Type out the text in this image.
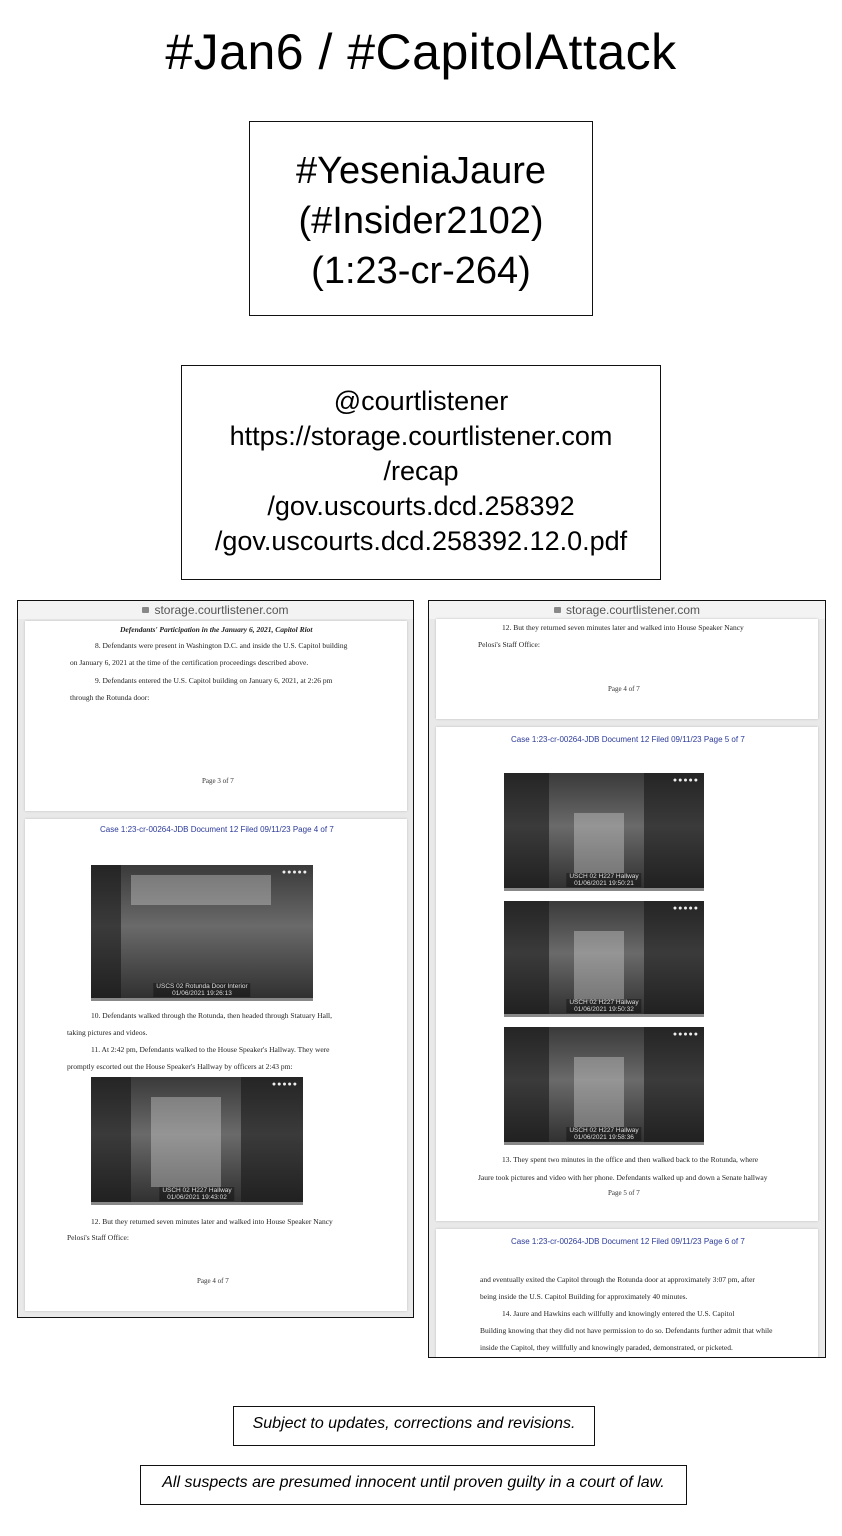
#Jan6 / #CapitolAttack
#YeseniaJaure
(#Insider2102)
(1:23-cr-264)
@courtlistener
https://storage.courtlistener.com
/recap
/gov.uscourts.dcd.258392
/gov.uscourts.dcd.258392.12.0.pdf
storage.courtlistener.com
Defendants' Participation in the January 6, 2021, Capitol Riot
8. Defendants were present in Washington D.C. and inside the U.S. Capitol building
on January 6, 2021 at the time of the certification proceedings described above.
9. Defendants entered the U.S. Capitol building on January 6, 2021, at 2:26 pm
through the Rotunda door:
Page 3 of 7
Case 1:23-cr-00264-JDB Document 12 Filed 09/11/23 Page 4 of 7
●●●●●
USCS 02 Rotunda Door Interior
01/06/2021 19:26:13
10. Defendants walked through the Rotunda, then headed through Statuary Hall,
taking pictures and videos.
11. At 2:42 pm, Defendants walked to the House Speaker's Hallway. They were
promptly escorted out the House Speaker's Hallway by officers at 2:43 pm:
●●●●●
USCH 02 H227 Hallway
01/06/2021 19:43:02
12. But they returned seven minutes later and walked into House Speaker Nancy
Pelosi's Staff Office:
Page 4 of 7
storage.courtlistener.com
12. But they returned seven minutes later and walked into House Speaker Nancy
Pelosi's Staff Office:
Page 4 of 7
Case 1:23-cr-00264-JDB Document 12 Filed 09/11/23 Page 5 of 7
●●●●●
USCH 02 H227 Hallway
01/06/2021 19:50:21
●●●●●
USCH 02 H227 Hallway
01/06/2021 19:50:32
●●●●●
USCH 02 H227 Hallway
01/06/2021 19:58:36
13. They spent two minutes in the office and then walked back to the Rotunda, where
Jaure took pictures and video with her phone. Defendants walked up and down a Senate hallway
Page 5 of 7
Case 1:23-cr-00264-JDB Document 12 Filed 09/11/23 Page 6 of 7
and eventually exited the Capitol through the Rotunda door at approximately 3:07 pm, after
being inside the U.S. Capitol Building for approximately 40 minutes.
14. Jaure and Hawkins each willfully and knowingly entered the U.S. Capitol
Building knowing that they did not have permission to do so. Defendants further admit that while
inside the Capitol, they willfully and knowingly paraded, demonstrated, or picketed.
Subject to updates, corrections and revisions.
All suspects are presumed innocent until proven guilty in a court of law.
